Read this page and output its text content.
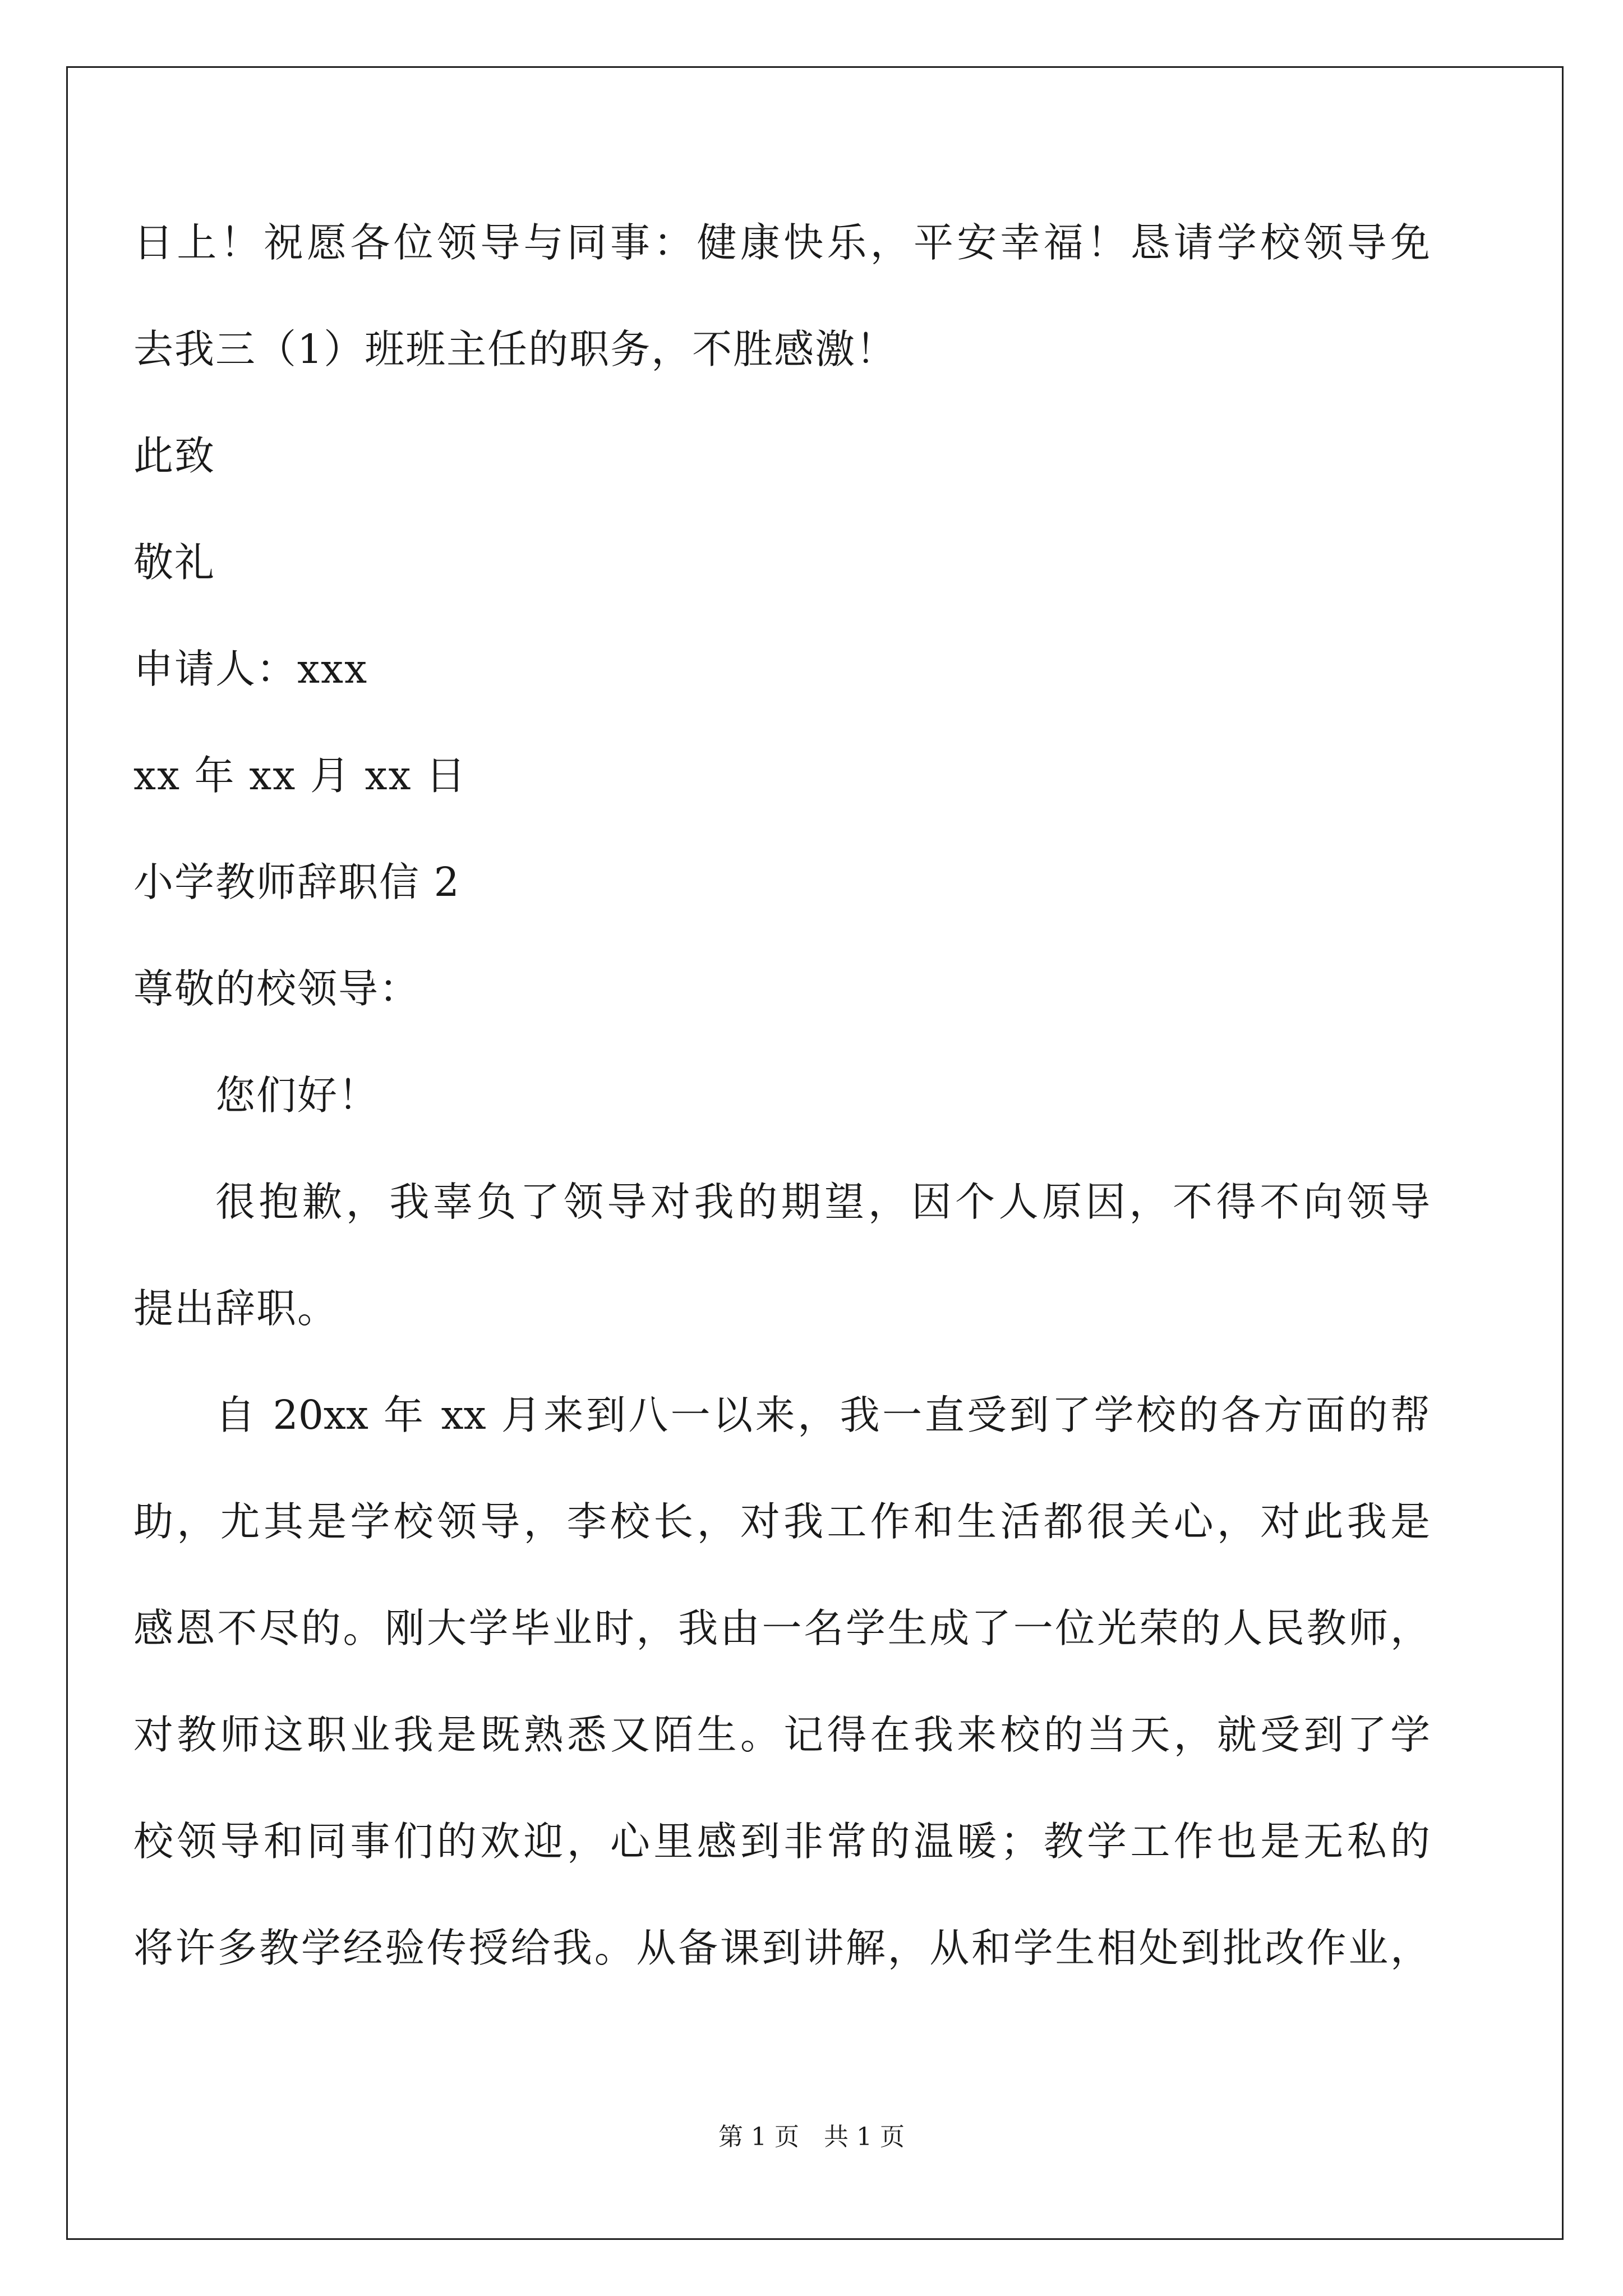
日上！祝愿各位领导与同事：健康快乐，平安幸福！恳请学校领导免
去我三（1）班班主任的职务，不胜感激！
此致
敬礼
申请人：xxx
xx 年 xx 月 xx 日
小学教师辞职信 2
尊敬的校领导：
您们好！
很抱歉，我辜负了领导对我的期望，因个人原因，不得不向领导
提出辞职。
自 20xx 年 xx 月来到八一以来，我一直受到了学校的各方面的帮
助，尤其是学校领导，李校长，对我工作和生活都很关心，对此我是
感恩不尽的。刚大学毕业时，我由一名学生成了一位光荣的人民教师，
对教师这职业我是既熟悉又陌生。记得在我来校的当天，就受到了学
校领导和同事们的欢迎，心里感到非常的温暖；教学工作也是无私的
将许多教学经验传授给我。从备课到讲解，从和学生相处到批改作业，
第 1 页　共 1 页
